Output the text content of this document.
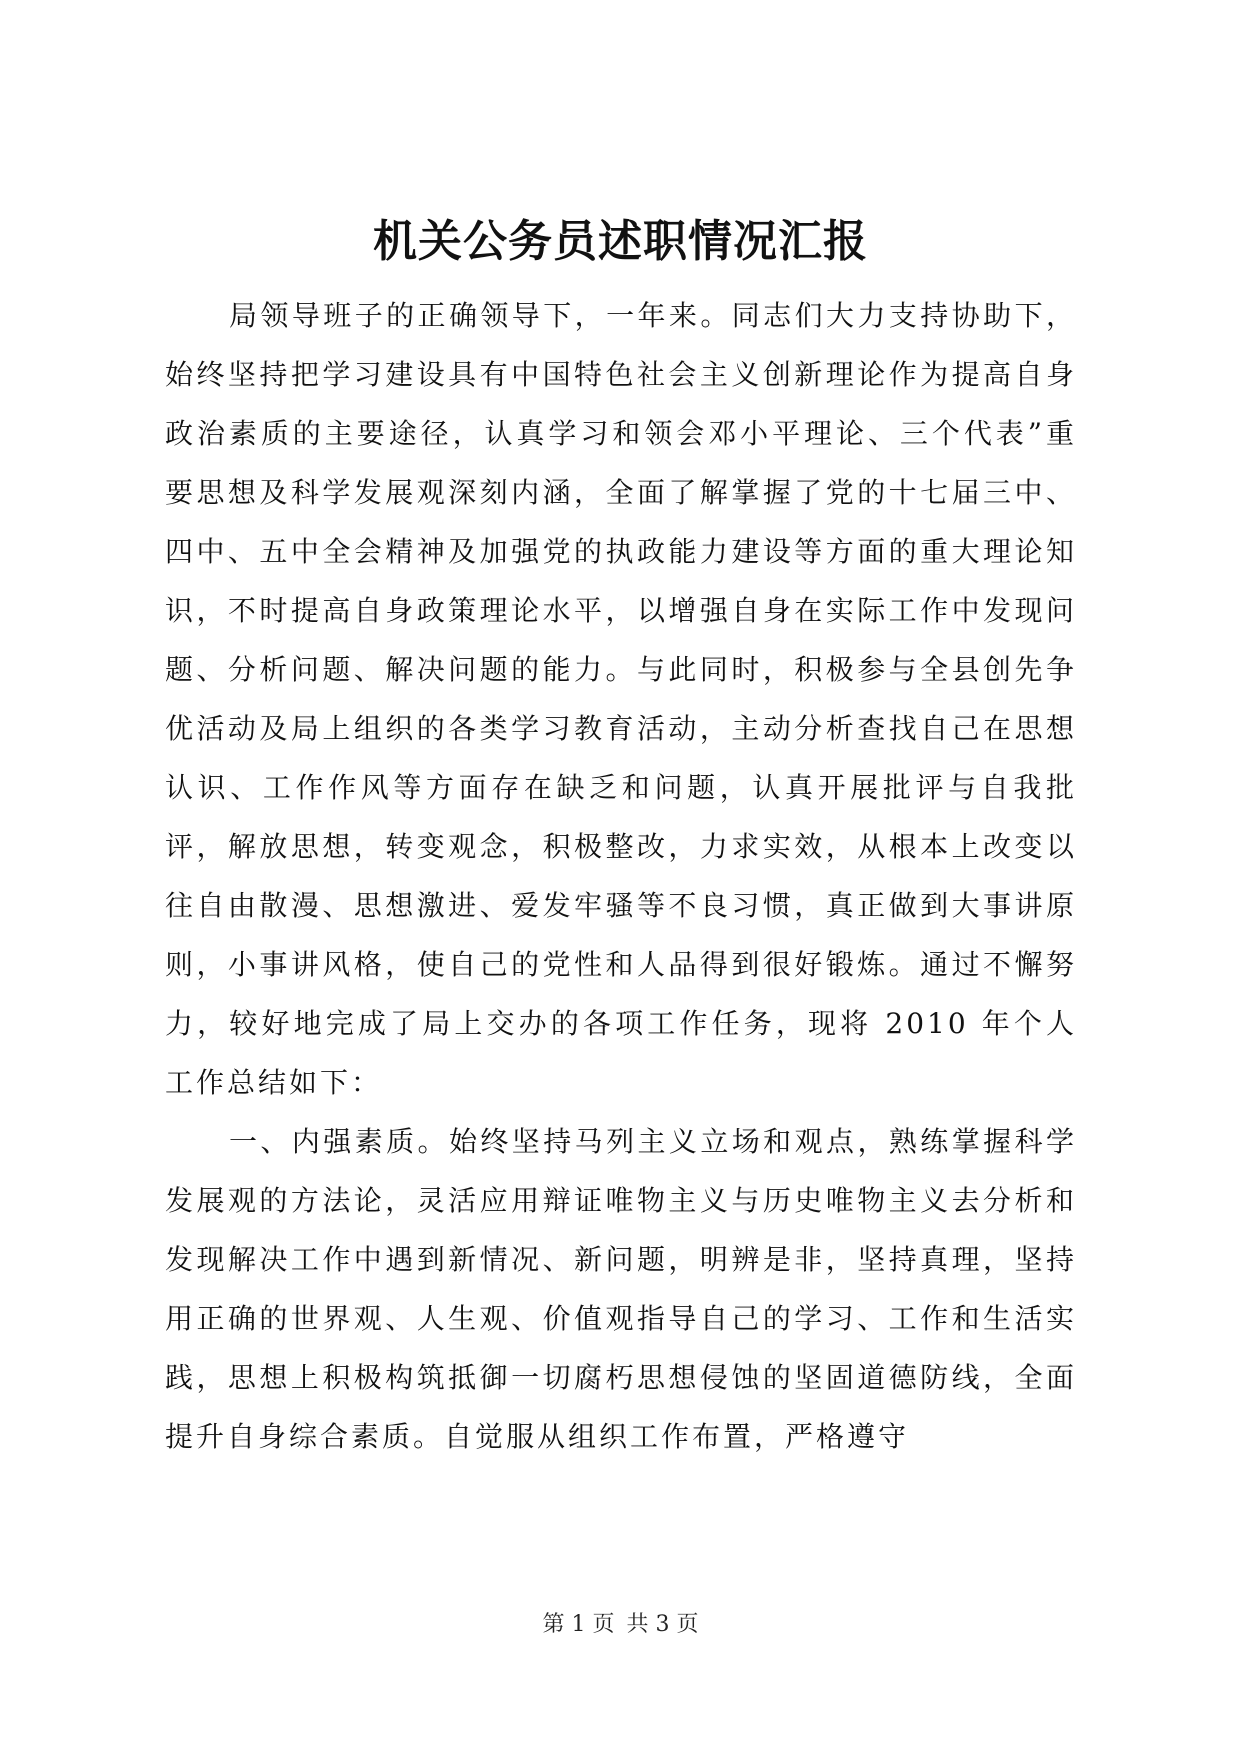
机关公务员述职情况汇报

局领导班子的正确领导下，一年来。同志们大力支持协助下，始终坚持把学习建设具有中国特色社会主义创新理论作为提高自身政治素质的主要途径，认真学习和领会邓小平理论、三个代表”重要思想及科学发展观深刻内涵，全面了解掌握了党的十七届三中、四中、五中全会精神及加强党的执政能力建设等方面的重大理论知识，不时提高自身政策理论水平，以增强自身在实际工作中发现问题、分析问题、解决问题的能力。与此同时，积极参与全县创先争优活动及局上组织的各类学习教育活动，主动分析查找自己在思想认识、工作作风等方面存在缺乏和问题，认真开展批评与自我批评，解放思想，转变观念，积极整改，力求实效，从根本上改变以往自由散漫、思想激进、爱发牢骚等不良习惯，真正做到大事讲原则，小事讲风格，使自己的党性和人品得到很好锻炼。通过不懈努力，较好地完成了局上交办的各项工作任务，现将 2010 年个人工作总结如下：

一、内强素质。始终坚持马列主义立场和观点，熟练掌握科学发展观的方法论，灵活应用辩证唯物主义与历史唯物主义去分析和发现解决工作中遇到新情况、新问题，明辨是非，坚持真理，坚持用正确的世界观、人生观、价值观指导自己的学习、工作和生活实践，思想上积极构筑抵御一切腐朽思想侵蚀的坚固道德防线，全面提升自身综合素质。自觉服从组织工作布置，严格遵守

第 1 页 共 3 页
